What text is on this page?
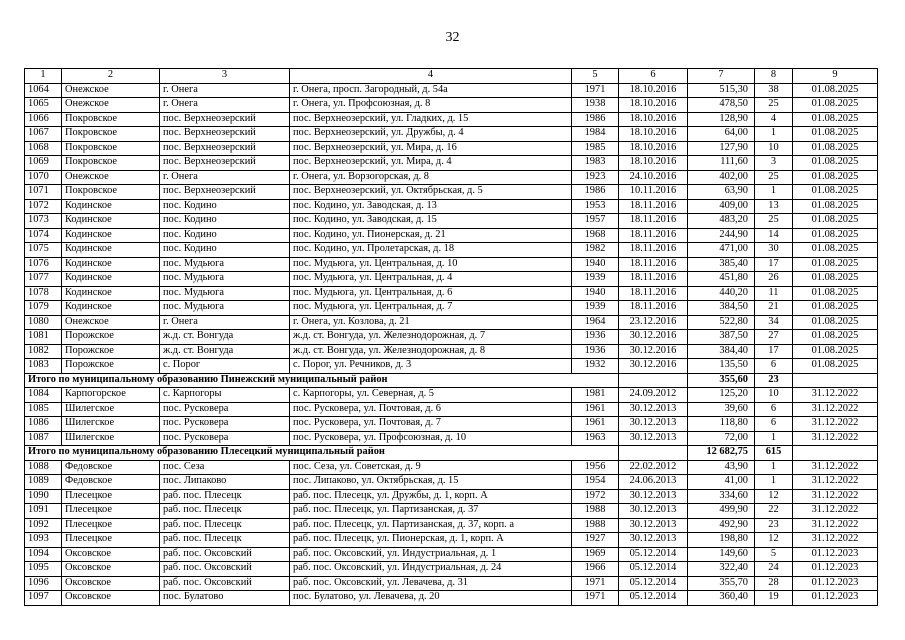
32
1	2	3	4	5	6	7	8	9
1064	Онежское	г. Онега	г. Онега, просп. Загородный, д. 54а	1971	18.10.2016	515,30	38	01.08.2025
1065	Онежское	г. Онега	г. Онега, ул. Профсоюзная, д. 8	1938	18.10.2016	478,50	25	01.08.2025
1066	Покровское	пос. Верхнеозерский	пос. Верхнеозерский, ул. Гладких, д. 15	1986	18.10.2016	128,90	4	01.08.2025
1067	Покровское	пос. Верхнеозерский	пос. Верхнеозерский, ул. Дружбы, д. 4	1984	18.10.2016	64,00	1	01.08.2025
1068	Покровское	пос. Верхнеозерский	пос. Верхнеозерский, ул. Мира, д. 16	1985	18.10.2016	127,90	10	01.08.2025
1069	Покровское	пос. Верхнеозерский	пос. Верхнеозерский, ул. Мира, д. 4	1983	18.10.2016	111,60	3	01.08.2025
1070	Онежское	г. Онега	г. Онега, ул. Ворзогорская, д. 8	1923	24.10.2016	402,00	25	01.08.2025
1071	Покровское	пос. Верхнеозерский	пос. Верхнеозерский, ул. Октябрьская, д. 5	1986	10.11.2016	63,90	1	01.08.2025
1072	Кодинское	пос. Кодино	пос. Кодино, ул. Заводская, д. 13	1953	18.11.2016	409,00	13	01.08.2025
1073	Кодинское	пос. Кодино	пос. Кодино, ул. Заводская, д. 15	1957	18.11.2016	483,20	25	01.08.2025
1074	Кодинское	пос. Кодино	пос. Кодино, ул. Пионерская, д. 21	1968	18.11.2016	244,90	14	01.08.2025
1075	Кодинское	пос. Кодино	пос. Кодино, ул. Пролетарская, д. 18	1982	18.11.2016	471,00	30	01.08.2025
1076	Кодинское	пос. Мудьюга	пос. Мудьюга, ул. Центральная, д. 10	1940	18.11.2016	385,40	17	01.08.2025
1077	Кодинское	пос. Мудьюга	пос. Мудьюга, ул. Центральная, д. 4	1939	18.11.2016	451,80	26	01.08.2025
1078	Кодинское	пос. Мудьюга	пос. Мудьюга, ул. Центральная, д. 6	1940	18.11.2016	440,20	11	01.08.2025
1079	Кодинское	пос. Мудьюга	пос. Мудьюга, ул. Центральная, д. 7	1939	18.11.2016	384,50	21	01.08.2025
1080	Онежское	г. Онега	г. Онега, ул. Козлова, д. 21	1964	23.12.2016	522,80	34	01.08.2025
1081	Порожское	ж.д. ст. Вонгуда	ж.д. ст. Вонгуда, ул. Железнодорожная, д. 7	1936	30.12.2016	387,50	27	01.08.2025
1082	Порожское	ж.д. ст. Вонгуда	ж.д. ст. Вонгуда, ул. Железнодорожная, д. 8	1936	30.12.2016	384,40	17	01.08.2025
1083	Порожское	с. Порог	с. Порог, ул. Речников, д. 3	1932	30.12.2016	135,50	6	01.08.2025
Итого по муниципальному образованию Пинежский муниципальный район						355,60	23	
1084	Карпогорское	с. Карпогоры	с. Карпогоры, ул. Северная, д. 5	1981	24.09.2012	125,20	10	31.12.2022
1085	Шилегское	пос. Русковера	пос. Русковера, ул. Почтовая, д. 6	1961	30.12.2013	39,60	6	31.12.2022
1086	Шилегское	пос. Русковера	пос. Русковера, ул. Почтовая, д. 7	1961	30.12.2013	118,80	6	31.12.2022
1087	Шилегское	пос. Русковера	пос. Русковера, ул. Профсоюзная, д. 10	1963	30.12.2013	72,00	1	31.12.2022
Итого по муниципальному образованию Плесецкий муниципальный район						12 682,75	615	
1088	Федовское	пос. Сеза	пос. Сеза, ул. Советская, д. 9	1956	22.02.2012	43,90	1	31.12.2022
1089	Федовское	пос. Липаково	пос. Липаково, ул. Октябрьская, д. 15	1954	24.06.2013	41,00	1	31.12.2022
1090	Плесецкое	раб. пос. Плесецк	раб. пос. Плесецк, ул. Дружбы, д. 1, корп. А	1972	30.12.2013	334,60	12	31.12.2022
1091	Плесецкое	раб. пос. Плесецк	раб. пос. Плесецк, ул. Партизанская, д. 37	1988	30.12.2013	499,90	22	31.12.2022
1092	Плесецкое	раб. пос. Плесецк	раб. пос. Плесецк, ул. Партизанская, д. 37, корп. а	1988	30.12.2013	492,90	23	31.12.2022
1093	Плесецкое	раб. пос. Плесецк	раб. пос. Плесецк, ул. Пионерская, д. 1, корп. А	1927	30.12.2013	198,80	12	31.12.2022
1094	Оксовское	раб. пос. Оксовский	раб. пос. Оксовский, ул. Индустриальная, д. 1	1969	05.12.2014	149,60	5	01.12.2023
1095	Оксовское	раб. пос. Оксовский	раб. пос. Оксовский, ул. Индустриальная, д. 24	1966	05.12.2014	322,40	24	01.12.2023
1096	Оксовское	раб. пос. Оксовский	раб. пос. Оксовский, ул. Левачева, д. 31	1971	05.12.2014	355,70	28	01.12.2023
1097	Оксовское	пос. Булатово	пос. Булатово, ул. Левачева, д. 20	1971	05.12.2014	360,40	19	01.12.2023
